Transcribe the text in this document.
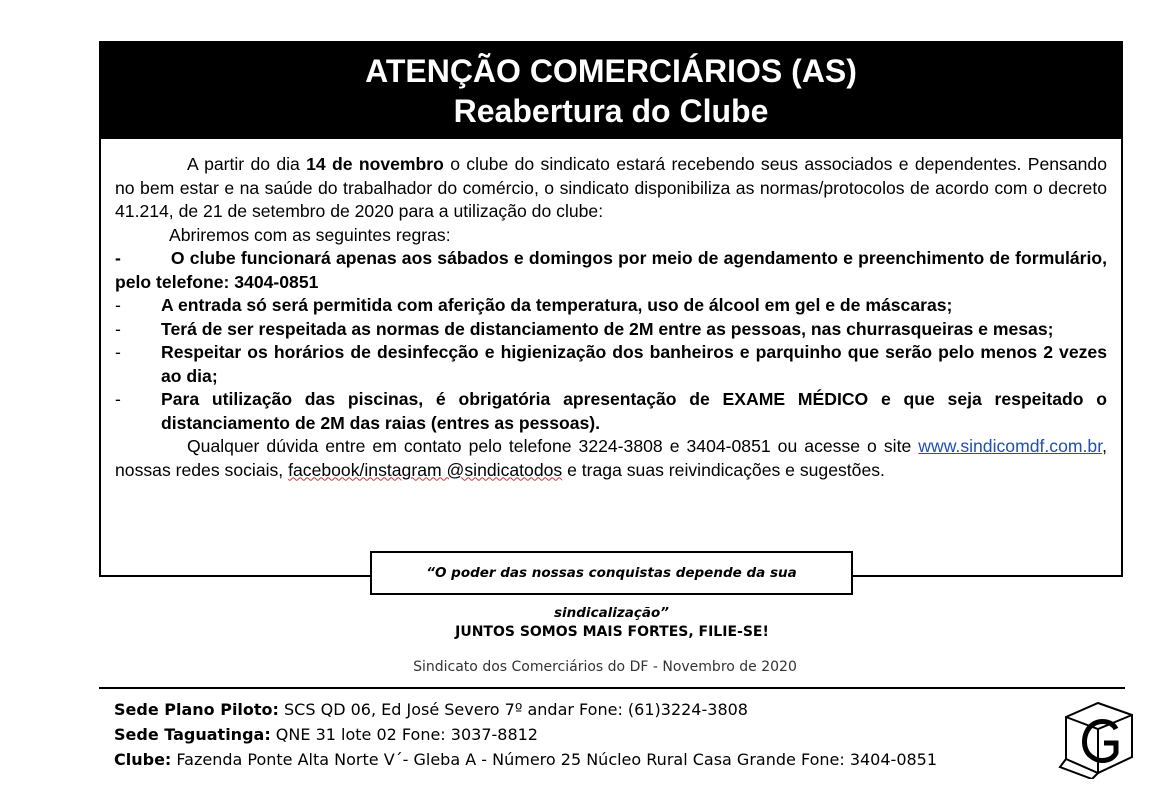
ATENÇÃO COMERCIÁRIOS (AS)
Reabertura do Clube

A partir do dia 14 de novembro o clube do sindicato estará recebendo seus associados e dependentes. Pensando no bem estar e na saúde do trabalhador do comércio, o sindicato disponibiliza as normas/protocolos de acordo com o decreto 41.214, de 21 de setembro de 2020 para a utilização do clube:

Abriremos com as seguintes regras:

-	O clube funcionará apenas aos sábados e domingos por meio de agendamento e preenchimento de formulário, pelo telefone: 3404-0851

- A entrada só será permitida com aferição da temperatura, uso de álcool em gel e de máscaras;

- Terá de ser respeitada as normas de distanciamento de 2M entre as pessoas, nas churrasqueiras e mesas;

- Respeitar os horários de desinfecção e higienização dos banheiros e parquinho que serão pelo menos 2 vezes ao dia;

- Para utilização das piscinas, é obrigatória apresentação de EXAME MÉDICO e que seja respeitado o distanciamento de 2M das raias (entres as pessoas).

Qualquer dúvida entre em contato pelo telefone 3224-3808 e 3404-0851 ou acesse o site www.sindicomdf.com.br, nossas redes sociais, facebook/instagram @sindicatodos e traga suas reivindicações e sugestões.

“O poder das nossas conquistas depende da sua sindicalização”
JUNTOS SOMOS MAIS FORTES, FILIE-SE!
Sindicato dos Comerciários do DF - Novembro de 2020
Sede Plano Piloto: SCS QD 06, Ed José Severo 7º andar Fone: (61)3224-3808
Sede Taguatinga: QNE 31 lote 02 Fone: 3037-8812
Clube: Fazenda Ponte Alta Norte V´- Gleba A - Número 25 Núcleo Rural Casa Grande Fone: 3404-0851
